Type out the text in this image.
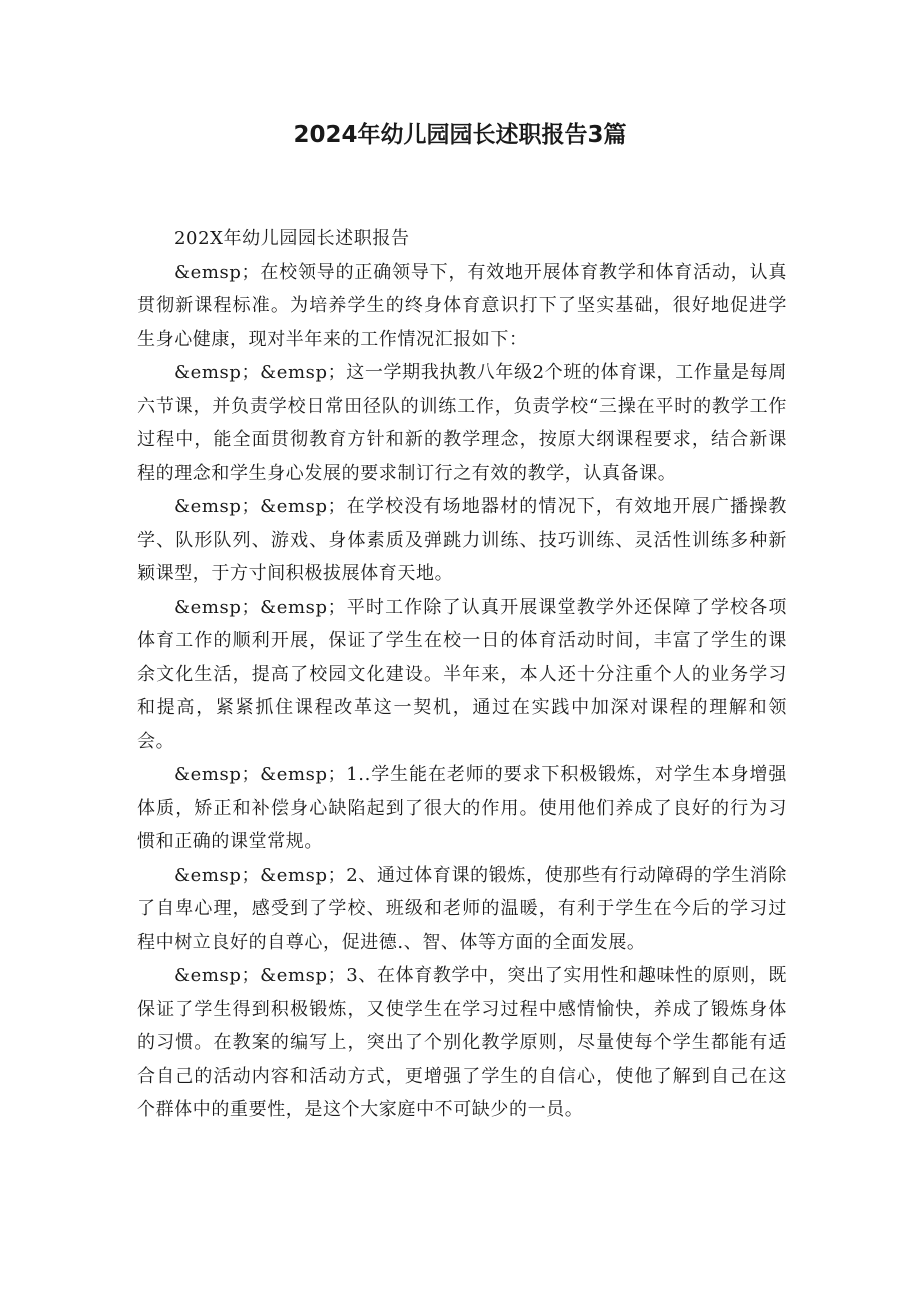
2024年幼儿园园长述职报告3篇

202X年幼儿园园长述职报告

&emsp；在校领导的正确领导下，有效地开展体育教学和体育活动，认真贯彻新课程标准。为培养学生的终身体育意识打下了坚实基础，很好地促进学生身心健康，现对半年来的工作情况汇报如下：

&emsp；&emsp；这一学期我执教八年级2个班的体育课，工作量是每周六节课，并负责学校日常田径队的训练工作，负责学校“三操在平时的教学工作过程中，能全面贯彻教育方针和新的教学理念，按原大纲课程要求，结合新课程的理念和学生身心发展的要求制订行之有效的教学，认真备课。

&emsp；&emsp；在学校没有场地器材的情况下，有效地开展广播操教学、队形队列、游戏、身体素质及弹跳力训练、技巧训练、灵活性训练多种新颖课型，于方寸间积极拔展体育天地。

&emsp；&emsp；平时工作除了认真开展课堂教学外还保障了学校各项体育工作的顺利开展，保证了学生在校一日的体育活动时间，丰富了学生的课余文化生活，提高了校园文化建设。半年来，本人还十分注重个人的业务学习和提高，紧紧抓住课程改革这一契机，通过在实践中加深对课程的理解和领会。

&emsp；&emsp；1..学生能在老师的要求下积极锻炼，对学生本身增强体质，矫正和补偿身心缺陷起到了很大的作用。使用他们养成了良好的行为习惯和正确的课堂常规。

&emsp；&emsp；2、通过体育课的锻炼，使那些有行动障碍的学生消除了自卑心理，感受到了学校、班级和老师的温暖，有利于学生在今后的学习过程中树立良好的自尊心，促进德.、智、体等方面的全面发展。

&emsp；&emsp；3、在体育教学中，突出了实用性和趣味性的原则，既保证了学生得到积极锻炼，又使学生在学习过程中感情愉快，养成了锻炼身体的习惯。在教案的编写上，突出了个别化教学原则，尽量使每个学生都能有适合自己的活动内容和活动方式，更增强了学生的自信心，使他了解到自己在这个群体中的重要性，是这个大家庭中不可缺少的一员。
